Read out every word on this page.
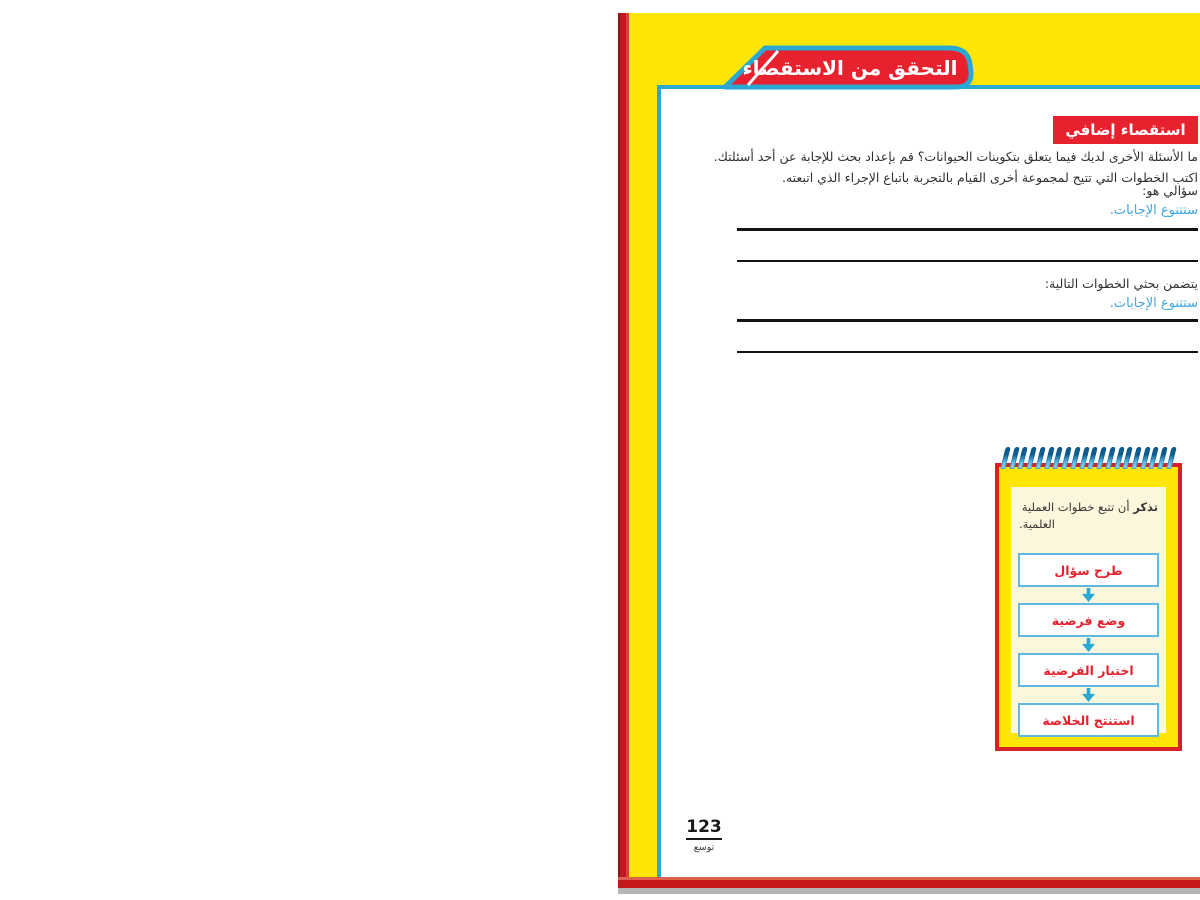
التحقق من الاستقصاء
استقصاء إضافي
ما الأسئلة الأخرى لديك فيما يتعلق بتكوينات الحيوانات؟ قم بإعداد بحث للإجابة عن أحد أسئلتك.
اكتب الخطوات التي تتيح لمجموعة أخرى القيام بالتجربة باتباع الإجراء الذي اتبعته.
سؤالي هو:
ستتنوع الإجابات.
يتضمن بحثي الخطوات التالية:
ستتنوع الإجابات.
تذكر أن تتبع خطوات العملية
العلمية.
طرح سؤال
وضع فرضية
اختبار الفرضية
استنتج الخلاصة
123
توسع
